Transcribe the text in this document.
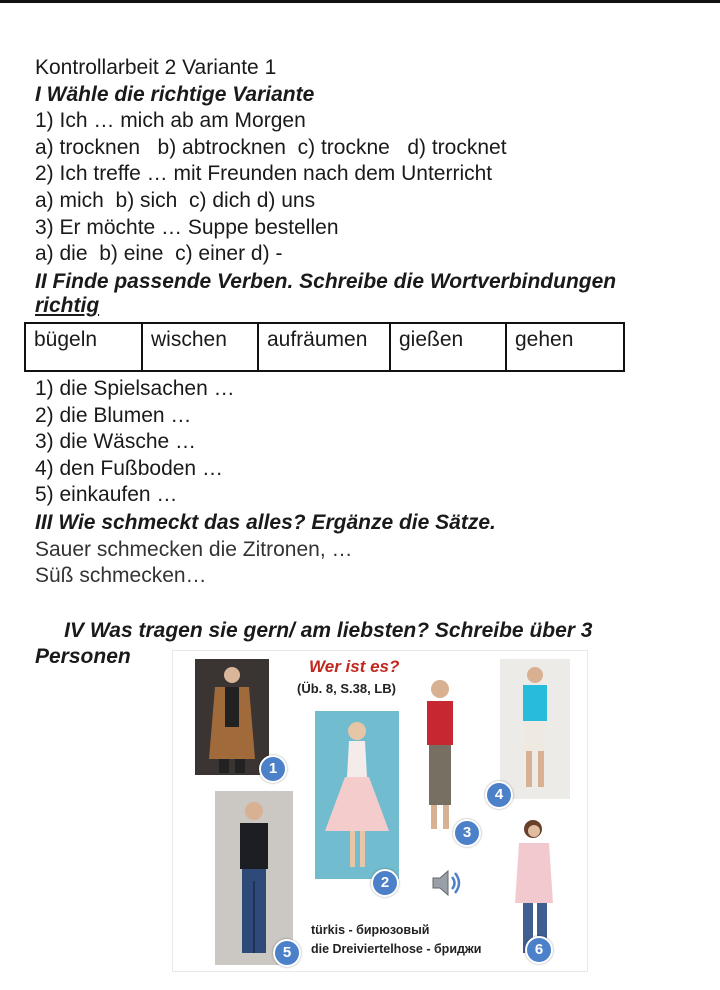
Kontrollarbeit 2 Variante 1
I Wähle die richtige Variante
1) Ich … mich ab am Morgen
a) trocknen   b) abtrocknen  c) trockne   d) trocknet
2) Ich treffe … mit Freunden nach dem Unterricht
a) mich  b) sich  c) dich d) uns
3) Er möchte … Suppe bestellen
a) die  b) eine  c) einer d) -
II Finde passende Verben. Schreibe die Wortverbindungen
richtig
bügeln	wischen	aufräumen	gießen	gehen
1) die Spielsachen …
2) die Blumen …
3) die Wäsche …
4) den Fußboden …
5) einkaufen …
III Wie schmeckt das alles? Ergänze die Sätze.
Sauer schmecken die Zitronen, …
Süß schmecken…

IV Was tragen sie gern/ am liebsten? Schreibe über 3
Personen
	Wer ist es?
(Üb. 8, S.38, LB)
1
2
3
4
5	6
türkis - бирюзовый
die Dreiviertelhose - бриджи
